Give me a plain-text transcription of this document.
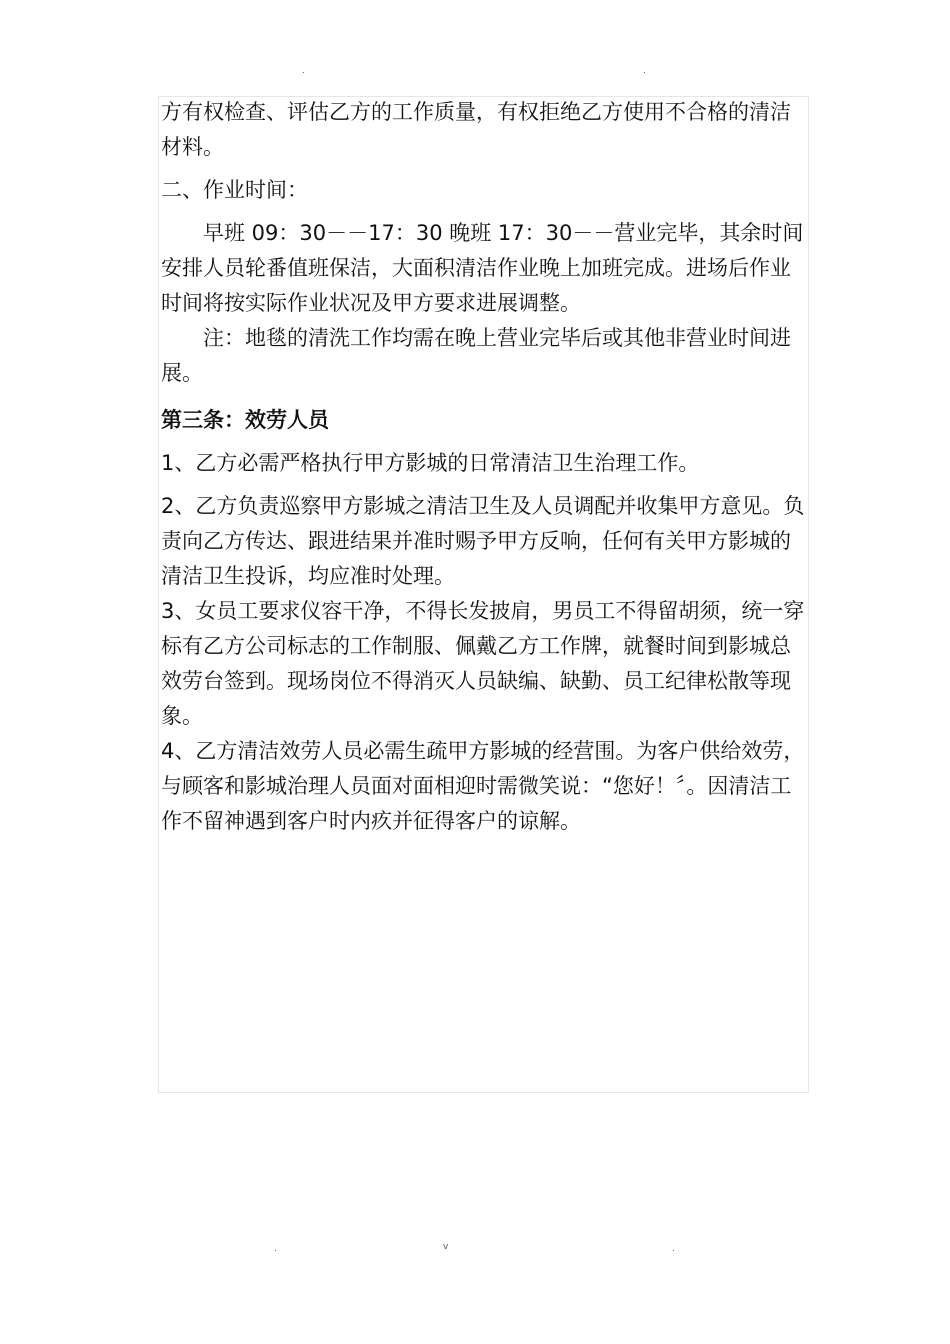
.	.

方有权检查、评估乙方的工作质量，有权拒绝乙方使用不合格的清洁材料。

二、作业时间：

早班 09：30－－17：30 晚班 17：30－－营业完毕，其余时间安排人员轮番值班保洁，大面积清洁作业晚上加班完成。进场后作业时间将按实际作业状况及甲方要求进展调整。

注：地毯的清洗工作均需在晚上营业完毕后或其他非营业时间进展。

第三条：效劳人员

1、乙方必需严格执行甲方影城的日常清洁卫生治理工作。

2、乙方负责巡察甲方影城之清洁卫生及人员调配并收集甲方意见。负责向乙方传达、跟进结果并准时赐予甲方反响，任何有关甲方影城的清洁卫生投诉，均应准时处理。

3、女员工要求仪容干净，不得长发披肩，男员工不得留胡须，统一穿标有乙方公司标志的工作制服、佩戴乙方工作牌，就餐时间到影城总效劳台签到。现场岗位不得消灭人员缺编、缺勤、员工纪律松散等现象。

4、乙方清洁效劳人员必需生疏甲方影城的经营围。为客户供给效劳，与顾客和影城治理人员面对面相迎时需微笑说：“您好！〞。因清洁工作不留神遇到客户时内疚并征得客户的谅解。

.	v	.
